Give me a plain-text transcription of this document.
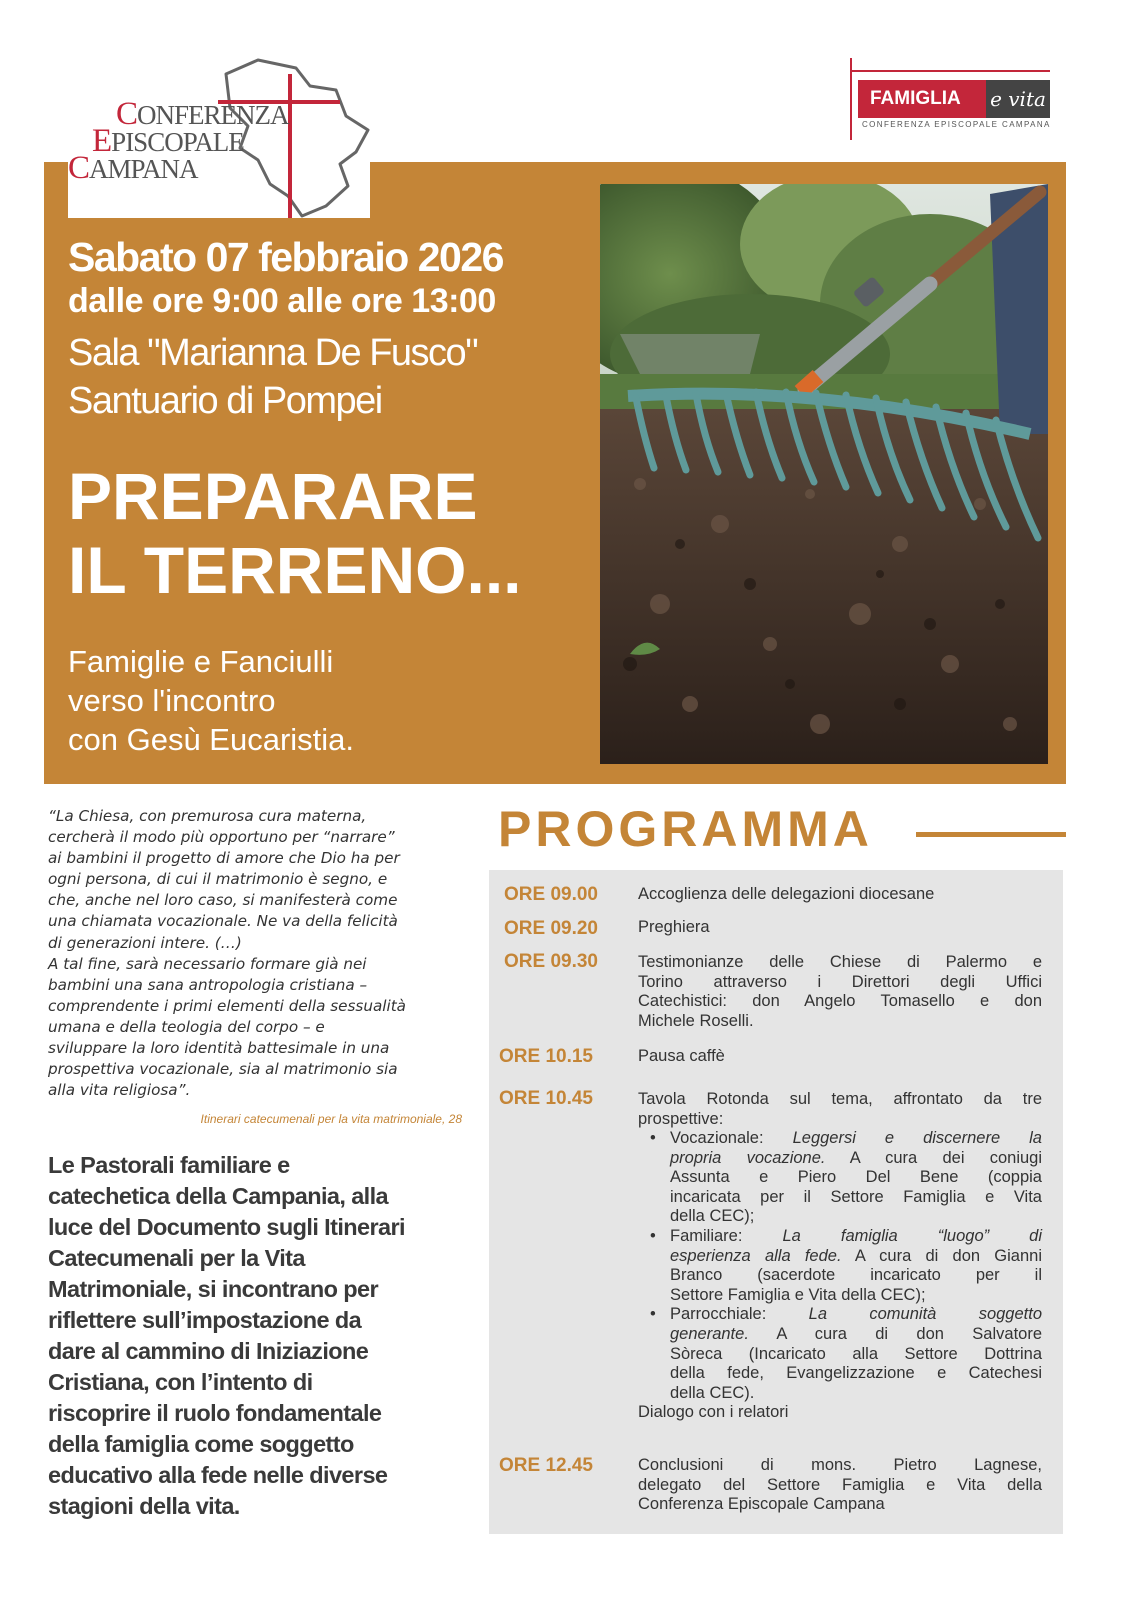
Sabato 07 febbraio 2026
dalle ore 9:00 alle ore 13:00
Sala "Marianna De Fusco"
Santuario di Pompei
PREPARARE
IL TERRENO...
Famiglie e Fanciulli
verso l'incontro
con Gesù Eucaristia.
CONFERENZA
EPISCOPALE
CAMPANA
FAMIGLIA e vita
CONFERENZA EPISCOPALE CAMPANA
“La Chiesa, con premurosa cura materna,
cercherà il modo più opportuno per “narrare”
ai bambini il progetto di amore che Dio ha per
ogni persona, di cui il matrimonio è segno, e
che, anche nel loro caso, si manifesterà come
una chiamata vocazionale. Ne va della felicità
di generazioni intere. (…)
A tal fine, sarà necessario formare già nei
bambini una sana antropologia cristiana –
comprendente i primi elementi della sessualità
umana e della teologia del corpo – e
sviluppare la loro identità battesimale in una
prospettiva vocazionale, sia al matrimonio sia
alla vita religiosa”.
Itinerari catecumenali per la vita matrimoniale, 28
Le Pastorali familiare e
catechetica della Campania, alla
luce del Documento sugli Itinerari
Catecumenali per la Vita
Matrimoniale, si incontrano per
riflettere sull’impostazione da
dare al cammino di Iniziazione
Cristiana, con l’intento di
riscoprire il ruolo fondamentale
della famiglia come soggetto
educativo alla fede nelle diverse
stagioni della vita.
PROGRAMMA
ORE 09.00 Accoglienza delle delegazioni diocesane
ORE 09.20 Preghiera
ORE 09.30 Testimonianze delle Chiese di Palermo e
Torino attraverso i Direttori degli Uffici
Catechistici: don Angelo Tomasello e don
Michele Roselli.
ORE 10.15	Pausa caffè
ORE 10.45	Tavola Rotonda sul tema, affrontato da tre
prospettive:
• Vocazionale: Leggersi e discernere la
propria vocazione. A cura dei coniugi
Assunta e Piero Del Bene (coppia
incaricata per il Settore Famiglia e Vita
della CEC);
• Familiare: La famiglia “luogo” di
esperienza alla fede. A cura di don Gianni
Branco (sacerdote incaricato per il
Settore Famiglia e Vita della CEC);
• Parrocchiale:	La comunità soggetto
generante. A cura di don Salvatore
Sòreca (Incaricato alla Settore Dottrina
della fede, Evangelizzazione e Catechesi
della CEC).
Dialogo con i relatori
ORE 12.45	Conclusioni di mons. Pietro Lagnese,
delegato del Settore Famiglia e Vita della
Conferenza Episcopale Campana
